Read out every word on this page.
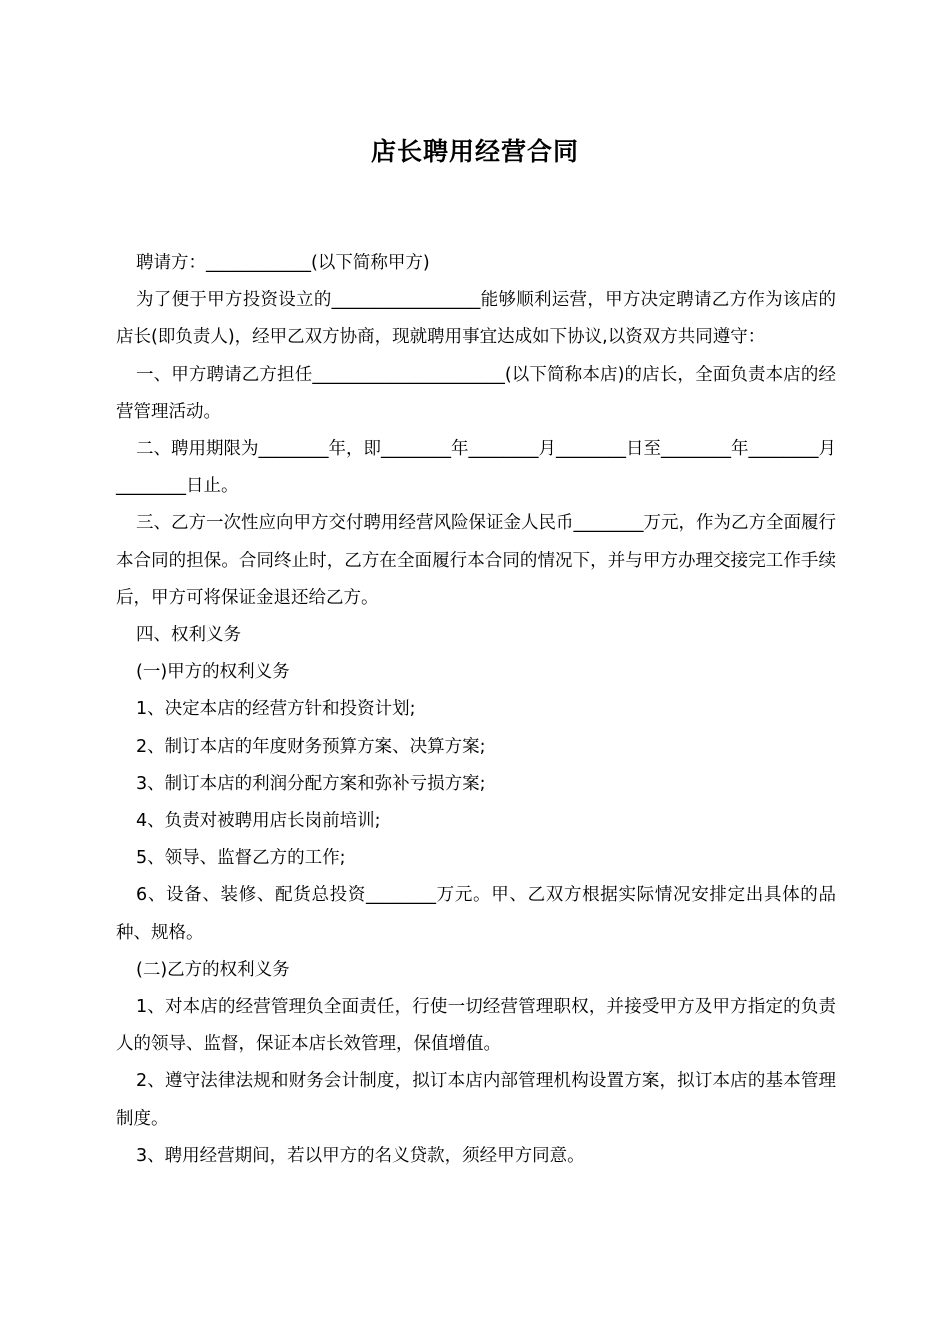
店长聘用经营合同

聘请方：____________(以下简称甲方)

为了便于甲方投资设立的_________________能够顺利运营，甲方决定聘请乙方作为该店的店长(即负责人)，经甲乙双方协商，现就聘用事宜达成如下协议,以资双方共同遵守：

一、甲方聘请乙方担任______________________(以下简称本店)的店长，全面负责本店的经营管理活动。

二、聘用期限为________年，即________年________月________日至________年________月________日止。

三、乙方一次性应向甲方交付聘用经营风险保证金人民币________万元，作为乙方全面履行本合同的担保。合同终止时，乙方在全面履行本合同的情况下，并与甲方办理交接完工作手续后，甲方可将保证金退还给乙方。

四、权利义务

(一)甲方的权利义务

1、决定本店的经营方针和投资计划;

2、制订本店的年度财务预算方案、决算方案;

3、制订本店的利润分配方案和弥补亏损方案;

4、负责对被聘用店长岗前培训;

5、领导、监督乙方的工作;

6、设备、装修、配货总投资________万元。甲、乙双方根据实际情况安排定出具体的品种、规格。

(二)乙方的权利义务

1、对本店的经营管理负全面责任，行使一切经营管理职权，并接受甲方及甲方指定的负责人的领导、监督，保证本店长效管理，保值增值。

2、遵守法律法规和财务会计制度，拟订本店内部管理机构设置方案，拟订本店的基本管理制度。

3、聘用经营期间，若以甲方的名义贷款，须经甲方同意。
